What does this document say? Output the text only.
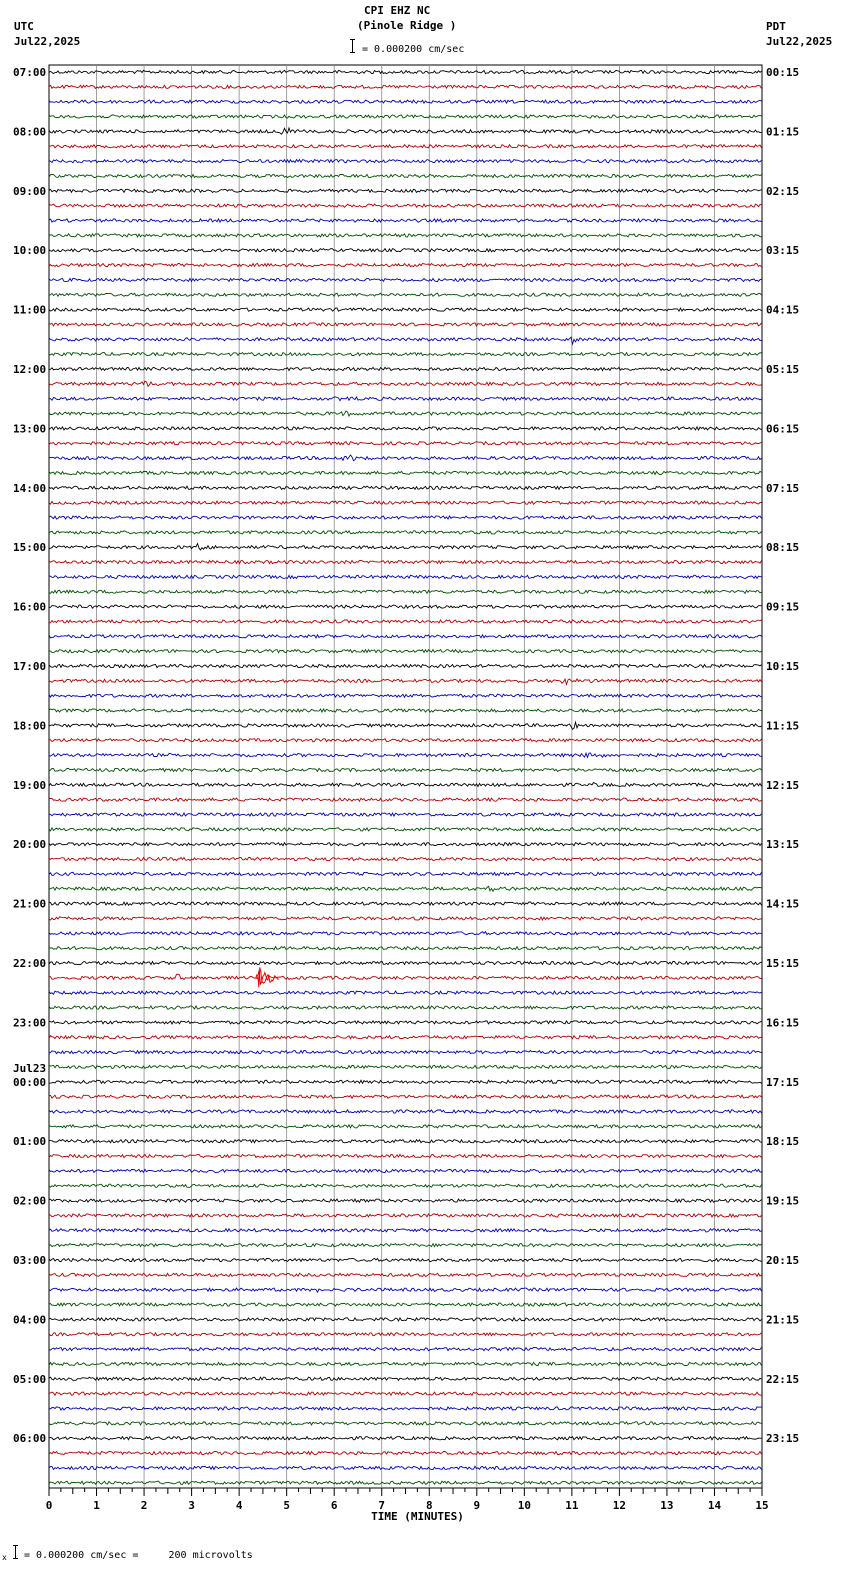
CPI EHZ NC
(Pinole Ridge )
= 0.000200 cm/sec
UTC
Jul22,2025
PDT
Jul22,2025
07:00
08:00
09:00
10:00
11:00
12:00
13:00
14:00
15:00
16:00
17:00
18:00
19:00
20:00
21:00
22:00
23:00
00:00
Jul23
01:00
02:00
03:00
04:00
05:00
06:00
00:15
01:15
02:15
03:15
04:15
05:15
06:15
07:15
08:15
09:15
10:15
11:15
12:15
13:15
14:15
15:15
16:15
17:15
18:15
19:15
20:15
21:15
22:15
23:15
0	1	2	3	4	5	6	7	8	9	10	11	12	13	14	15
TIME (MINUTES)
x = 0.000200 cm/sec =     200 microvolts
